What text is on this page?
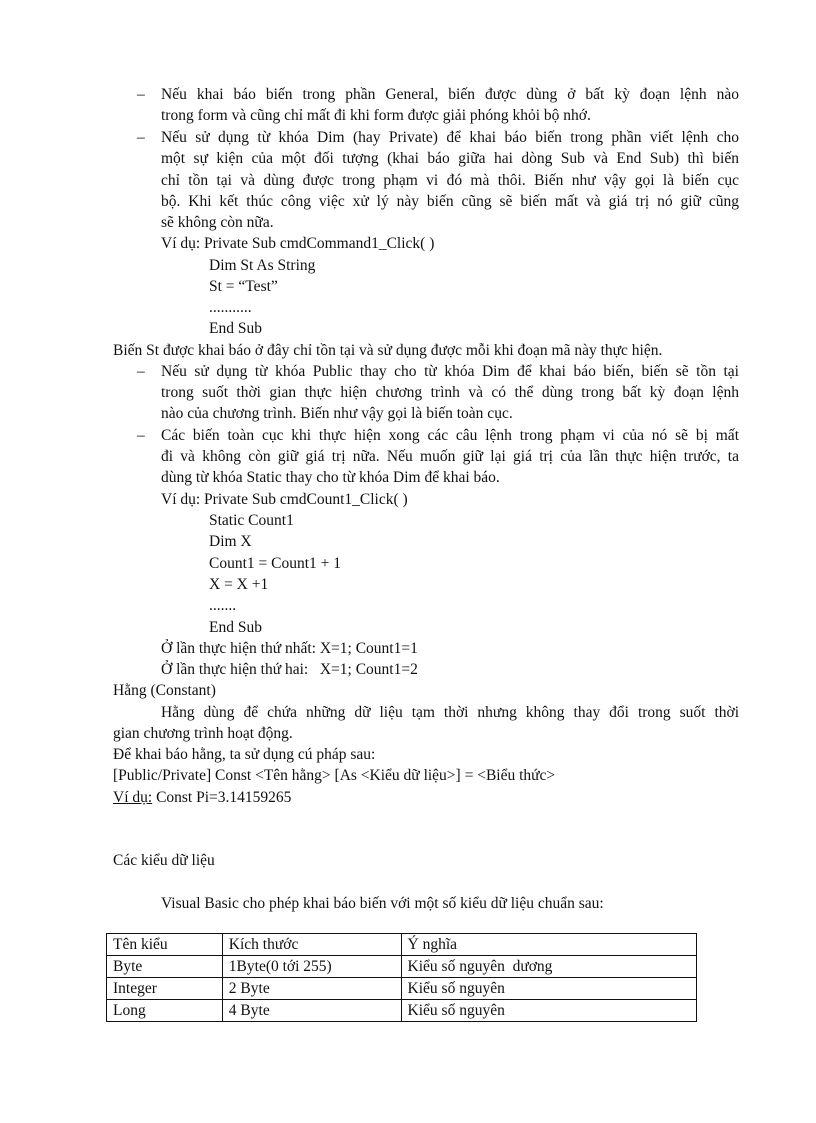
– Nếu khai báo biến trong phần General, biến được dùng ở bất kỳ đoạn lệnh nào
trong form và cũng chỉ mất đi khi form được giải phóng khỏi bộ nhớ.
– Nếu sử dụng từ khóa Dim (hay Private) để khai báo biến trong phần viết lệnh cho
một sự kiện của một đối tượng (khai báo giữa hai dòng Sub và End Sub) thì biến
chỉ tồn tại và dùng được trong phạm vi đó mà thôi. Biến như vậy gọi là biến cục
bộ. Khi kết thúc công việc xử lý này biến cũng sẽ biến mất và giá trị nó giữ cũng
sẽ không còn nữa.
Ví dụ: Private Sub cmdCommand1_Click( )
Dim St As String
St = “Test”
...........
End Sub
Biến St được khai báo ở đây chỉ tồn tại và sử dụng được mỗi khi đoạn mã này thực hiện.
– Nếu sử dụng từ khóa Public thay cho từ khóa Dim để khai báo biến, biến sẽ tồn tại
trong suốt thời gian thực hiện chương trình và có thể dùng trong bất kỳ đoạn lệnh
nào của chương trình. Biến như vậy gọi là biến toàn cục.
– Các biến toàn cục khi thực hiện xong các câu lệnh trong phạm vi của nó sẽ bị mất
đi và không còn giữ giá trị nữa. Nếu muốn giữ lại giá trị của lần thực hiện trước, ta
dùng từ khóa Static thay cho từ khóa Dim để khai báo.
Ví dụ: Private Sub cmdCount1_Click( )
Static Count1
Dim X
Count1 = Count1 + 1
X = X +1
.......
End Sub
Ở lần thực hiện thứ nhất: X=1; Count1=1
Ở lần thực hiện thứ hai:   X=1; Count1=2
Hằng (Constant)
Hằng dùng để chứa những dữ liệu tạm thời nhưng không thay đổi trong suốt thời
gian chương trình hoạt động.
Để khai báo hằng, ta sử dụng cú pháp sau:
[Public/Private] Const <Tên hằng> [As <Kiểu dữ liệu>] = <Biểu thức>
Ví dụ: Const Pi=3.14159265
Các kiểu dữ liệu
Visual Basic cho phép khai báo biến với một số kiểu dữ liệu chuẩn sau:
Tên kiểu	Kích thước	Ý nghĩa
Byte	1Byte(0 tới 255)	Kiểu số nguyên  dương
Integer	2 Byte	Kiểu số nguyên
Long	4 Byte	Kiểu số nguyên
